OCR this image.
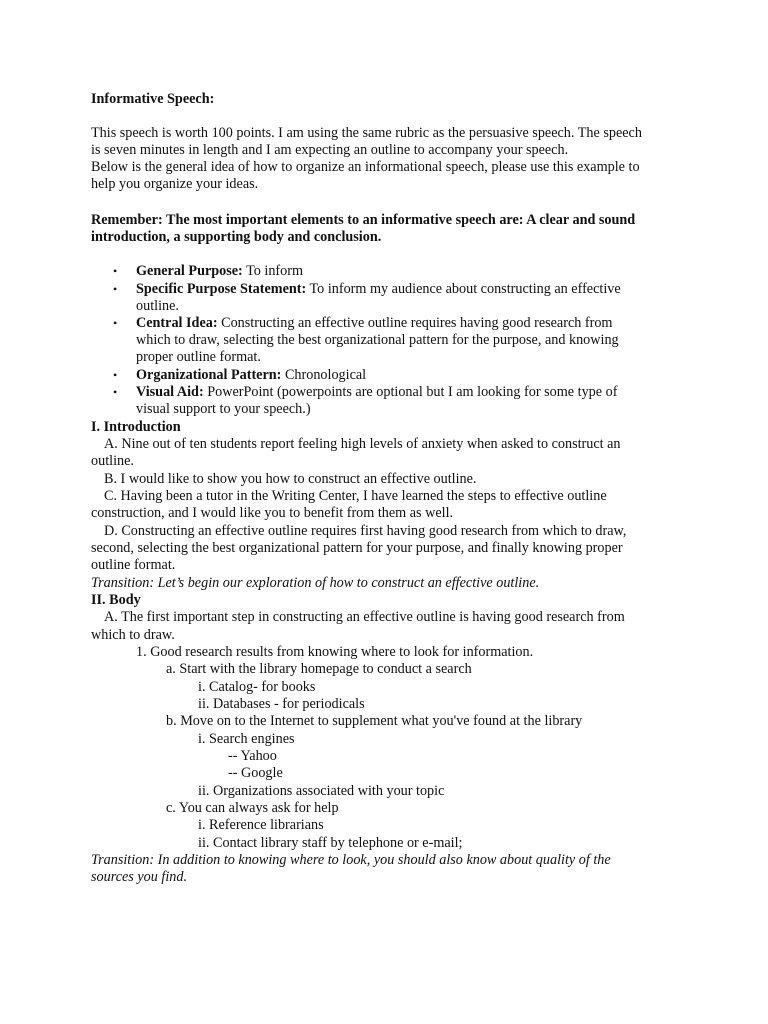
Informative Speech:
This speech is worth 100 points. I am using the same rubric as the persuasive speech. The speech
is seven minutes in length and I am expecting an outline to accompany your speech.
Below is the general idea of how to organize an informational speech, please use this example to
help you organize your ideas.
Remember: The most important elements to an informative speech are: A clear and sound
introduction, a supporting body and conclusion.
• General Purpose: To inform
• Specific Purpose Statement: To inform my audience about constructing an effective
outline.
• Central Idea: Constructing an effective outline requires having good research from
which to draw, selecting the best organizational pattern for the purpose, and knowing
proper outline format.
• Organizational Pattern: Chronological
• Visual Aid: PowerPoint (powerpoints are optional but I am looking for some type of
visual support to your speech.)
I. Introduction
A. Nine out of ten students report feeling high levels of anxiety when asked to construct an
outline.
B. I would like to show you how to construct an effective outline.
C. Having been a tutor in the Writing Center, I have learned the steps to effective outline
construction, and I would like you to benefit from them as well.
D. Constructing an effective outline requires first having good research from which to draw,
second, selecting the best organizational pattern for your purpose, and finally knowing proper
outline format.
Transition: Let’s begin our exploration of how to construct an effective outline.
II. Body
A. The first important step in constructing an effective outline is having good research from
which to draw.
1. Good research results from knowing where to look for information.
a. Start with the library homepage to conduct a search
i. Catalog- for books
ii. Databases - for periodicals
b. Move on to the Internet to supplement what you've found at the library
i. Search engines
-- Yahoo
-- Google
ii. Organizations associated with your topic
c. You can always ask for help
i. Reference librarians
ii. Contact library staff by telephone or e-mail;
Transition: In addition to knowing where to look, you should also know about quality of the
sources you find.
